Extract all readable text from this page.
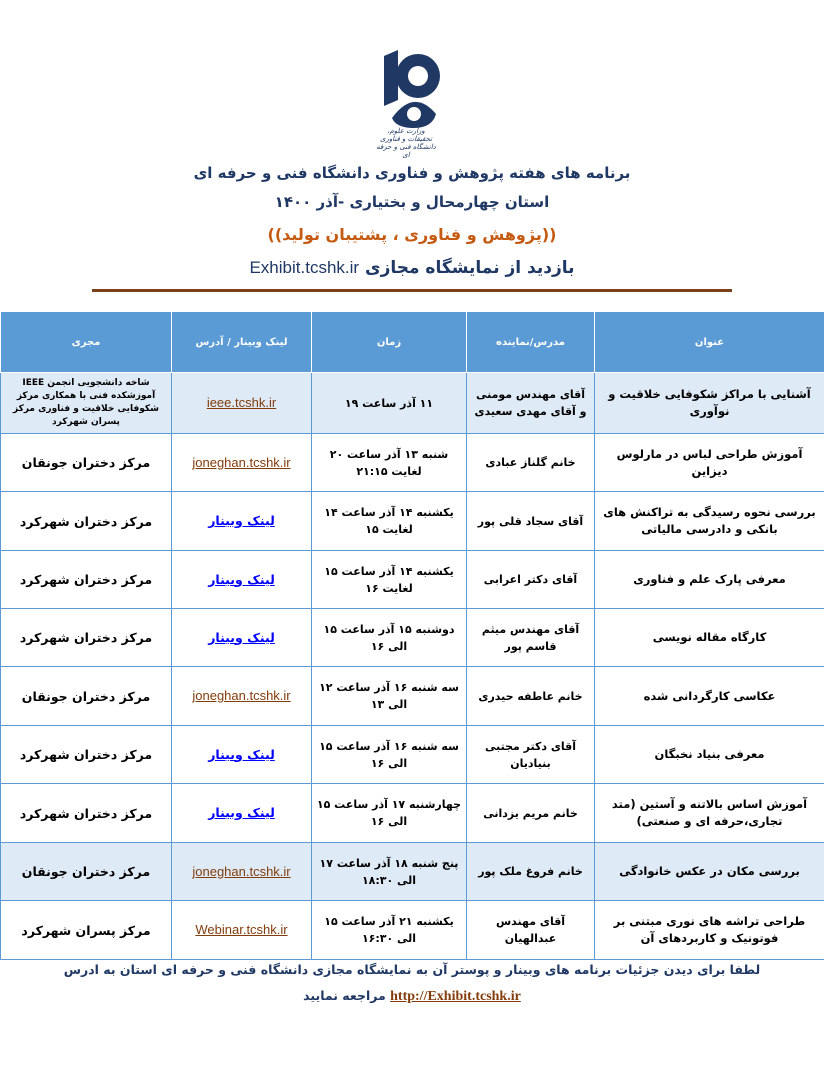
وزارت علوم، تحقیقات و فناوری دانشگاه فنی و حرفه ای
برنامه های هفته پژوهش و فناوری دانشگاه فنی و حرفه ای
استان چهارمحال و بختیاری -آذر ۱۴۰۰
((پژوهش و فناوری ، پشتیبان تولید))
بازدید از نمایشگاه مجازی Exhibit.tcshk.ir
عنوان	مدرس/نماینده	زمان	لینک وبینار / آدرس	مجری
آشنایی با مراکز شکوفایی خلاقیت و نوآوری	آقای مهندس مومنی و آقای مهدی سعیدی	۱۱ آذر ساعت ۱۹	ieee.tcshk.ir	شاخه دانشجویی انجمن IEEE آموزشکده فنی با همکاری مرکز شکوفایی خلاقیت و فناوری مرکز پسران شهرکرد
آموزش طراحی لباس در مارلوس دیزاین	خانم گلناز عبادی	شنبه ۱۳ آذر ساعت ۲۰ لغایت ۲۱:۱۵	joneghan.tcshk.ir	مرکز دختران جونقان
بررسی نحوه رسیدگی به تراکنش های بانکی و دادرسی مالیاتی	آقای سجاد قلی پور	یکشنبه ۱۴ آذر ساعت ۱۴ لغایت ۱۵	لینک وبینار	مرکز دختران شهرکرد
معرفی پارک علم و فناوری	آقای دکتر اعرابی	یکشنبه ۱۴ آذر ساعت ۱۵ لغایت ۱۶	لینک وبینار	مرکز دختران شهرکرد
کارگاه مقاله نویسی	آقای مهندس میثم قاسم پور	دوشنبه ۱۵ آذر ساعت ۱۵ الی ۱۶	لینک وبینار	مرکز دختران شهرکرد
عکاسی کارگردانی شده	خانم عاطفه حیدری	سه شنبه ۱۶ آذر ساعت ۱۲ الی ۱۳	joneghan.tcshk.ir	مرکز دختران جونقان
معرفی بنیاد نخبگان	آقای دکتر مجتبی بنیادیان	سه شنبه ۱۶ آذر ساعت ۱۵ الی ۱۶	لینک وبینار	مرکز دختران شهرکرد
آموزش اساس بالاتنه و آستین (متد تجاری،حرفه ای و صنعتی)	خانم مریم یزدانی	چهارشنبه ۱۷ آذر ساعت ۱۵ الی ۱۶	لینک وبینار	مرکز دختران شهرکرد
بررسی مکان در عکس خانوادگی	خانم فروغ ملک پور	پنج شنبه ۱۸ آذر ساعت ۱۷ الی ۱۸:۳۰	joneghan.tcshk.ir	مرکز دختران جونقان
طراحی تراشه های نوری مبتنی بر فوتونیک و کاربردهای آن	آقای مهندس عبدالهیان	یکشنبه ۲۱ آذر ساعت ۱۵ الی ۱۶:۳۰	Webinar.tcshk.ir	مرکز پسران شهرکرد
لطفا برای دیدن جزئیات برنامه های وبینار و پوستر آن به نمایشگاه مجازی دانشگاه فنی و حرفه ای استان به ادرس
http://Exhibit.tcshk.ir مراجعه نمایید
